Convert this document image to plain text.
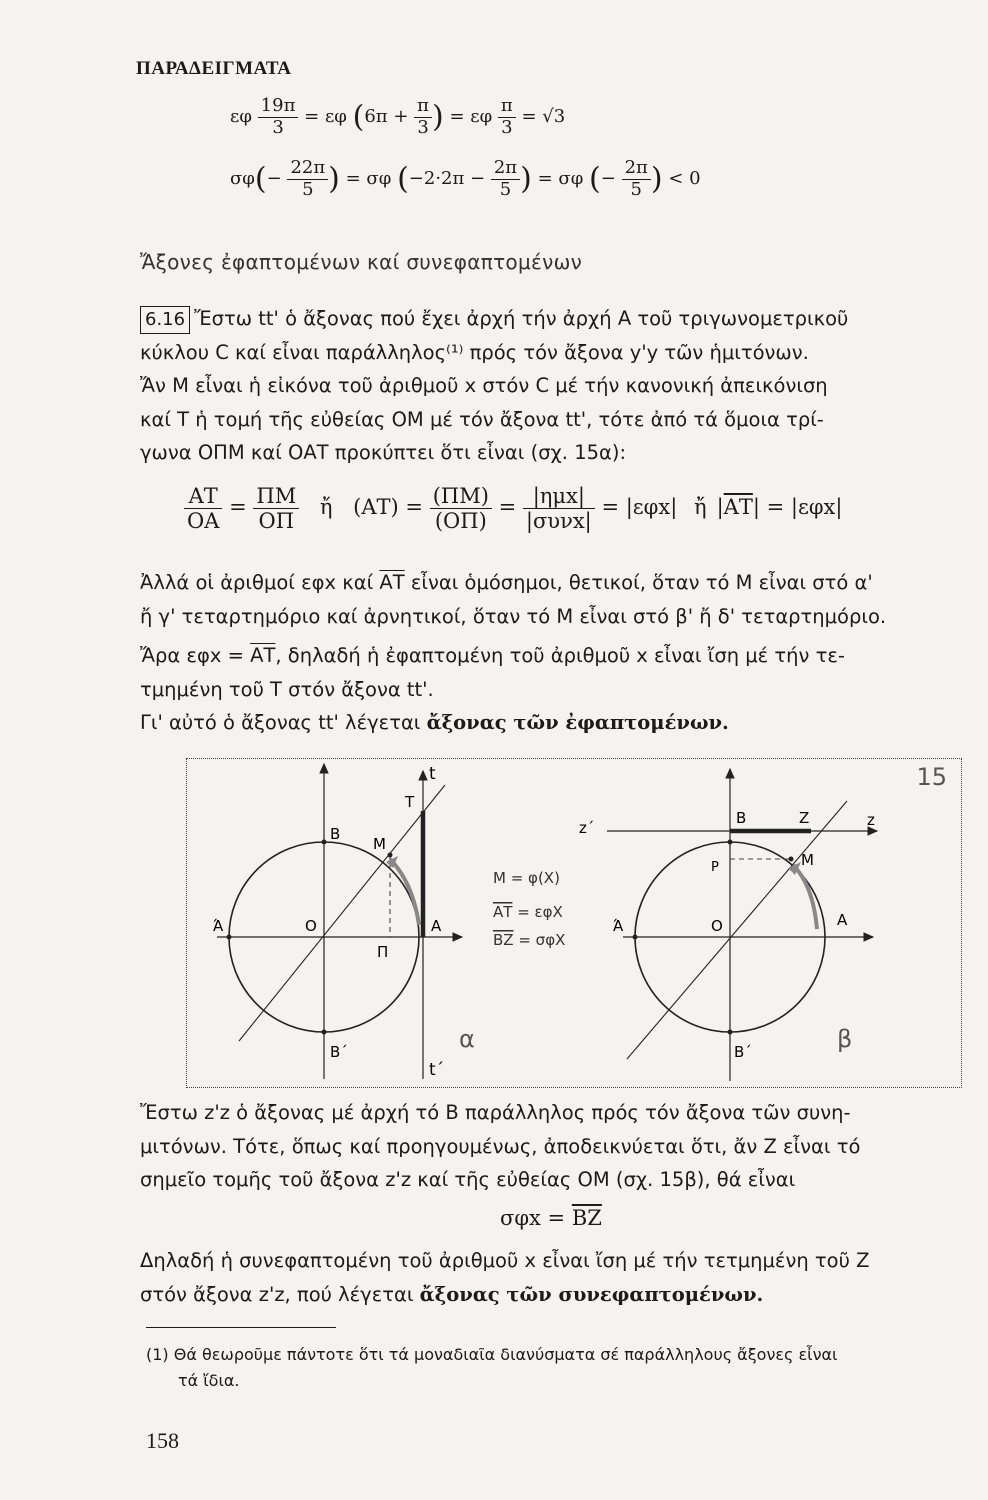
ΠΑΡΑΔΕΙΓΜΑΤΑ
εφ $\frac{19\pi}{3} = \varepsilon\varphi$ ($6\pi + \frac{\pi}{3}$ ) = εφ $\frac{\pi}{3} = √3$
$\sigma\varphi(- \frac{22\pi}{5}$ ) = σφ ($-2\cdot 2\pi - \frac{2\pi}{5}$ ) = σφ (− $\frac{2\pi}{5}$ ) < 0
Ἄξονες ἐφαπτομένων καί συνεφαπτομένων

6.16 Ἔστω tt' ὁ ἄξονας πού ἔχει ἀρχή τήν ἀρχή Α τοῦ τριγωνομετρικοῦ

κύκλου C καί εἶναι παράλληλος⁽¹⁾ πρός τόν ἄξονα y'y τῶν ἡμιτόνων.

Ἄν Μ εἶναι ἡ εἰκόνα τοῦ ἀριθμοῦ x στόν C μέ τήν κανονική ἀπεικόνιση

καί Τ ἡ τομή τῆς εὐθείας ΟΜ μέ τόν ἄξονα tt', τότε ἀπό τά ὅμοια τρί-

γωνα ΟΠΜ καί ΟΑΤ προκύπτει ὅτι εἶναι (σχ. 15α):

$\frac{AT}{OA} = \frac{\Pi M}{O\Pi}$ ἤ $(AT) = \frac{(\Pi M)}{(O\Pi)} = \frac{\text{|ημx|}}{\text{|συνx|}} = |\varepsilon\varphi x|$ ἤ $|\overline{AT}| = |\varepsilon\varphi x|$

Ἀλλά οἱ ἀριθμοί εφx καί $\overline{AT}$ εἶναι ὁμόσημοι, θετικοί, ὅταν τό Μ εἶναι στό α'

ἤ γ' τεταρτημόριο καί ἀρνητικοί, ὅταν τό Μ εἶναι στό β' ἤ δ' τεταρτημόριο.

Ἄρα $\varepsilon\varphi x = \overline{AT}$, δηλαδή ἡ ἐφαπτομένη τοῦ ἀριθμοῦ x εἶναι ἴση μέ τήν τε-

τμημένη τοῦ Τ στόν ἄξονα tt'.

Γι' αὐτό ὁ ἄξονας tt' λέγεται ἄξονας τῶν ἐφαπτομένων.

Β
Μ
Τ
t
Ά	Ο	Α
Π
Β΄
t΄
α
Μ = φ(Χ)
ΑΤ = εφΧ
ΒΖ = σφΧ
z΄
Β	Ζ	z
Ρ	Μ
Ά	Ο	Α
Β΄	β
15

Ἔστω z'z ὁ ἄξονας μέ ἀρχή τό Β παράλληλος πρός τόν ἄξονα τῶν συνη-

μιτόνων. Τότε, ὅπως καί προηγουμένως, ἀποδεικνύεται ὅτι, ἄν Ζ εἶναι τό

σημεῖο τομῆς τοῦ ἄξονα z'z καί τῆς εὐθείας ΟΜ (σχ. 15β), θά εἶναι

$\sigma\varphi x = \overline{BZ}$

Δηλαδή ἡ συνεφαπτομένη τοῦ ἀριθμοῦ x εἶναι ἴση μέ τήν τετμημένη τοῦ Ζ

στόν ἄξονα z'z, πού λέγεται ἄξονας τῶν συνεφαπτομένων.

(1) Θά θεωροῦμε πάντοτε ὅτι τά μοναδιαῖα διανύσματα σέ παράλληλους ἄξονες εἶναι
τά ἴδια.
158
